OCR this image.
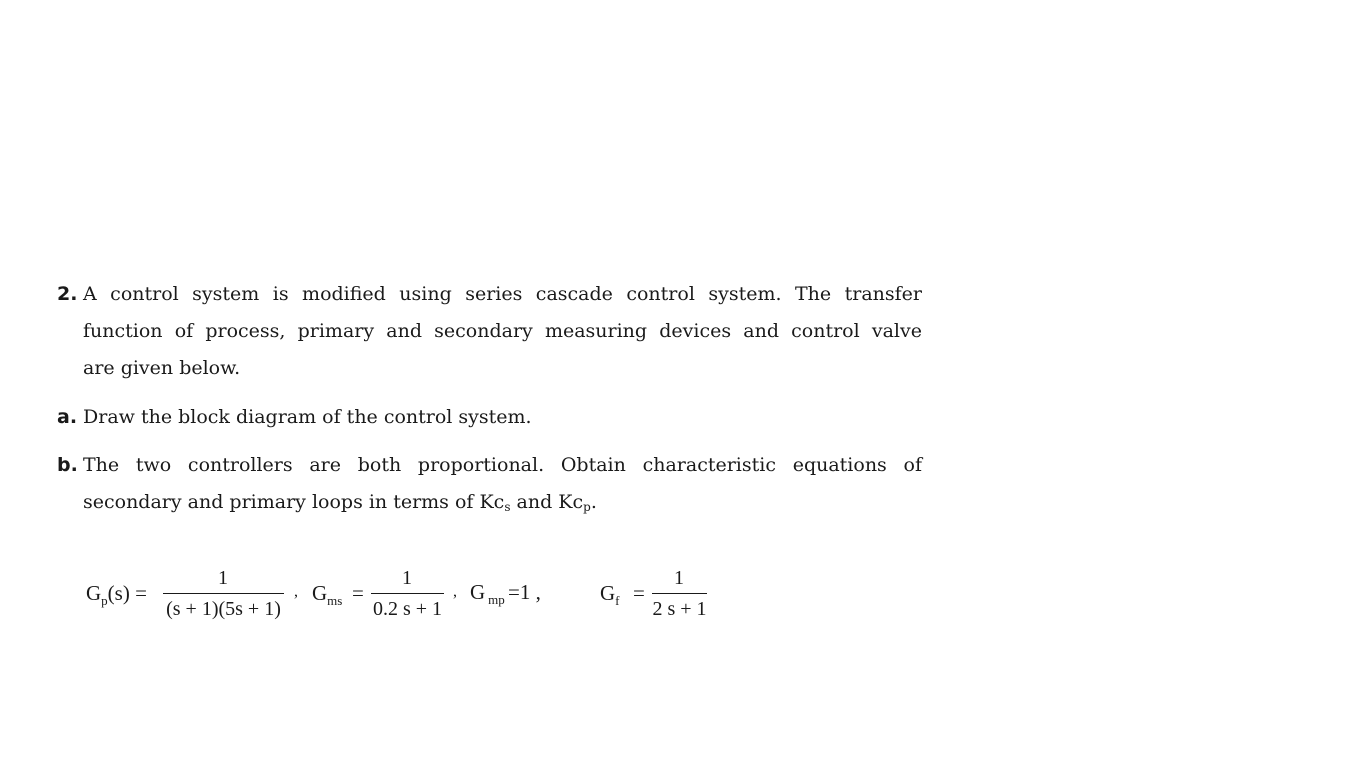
2. A control system is modified using series cascade control system. The transfer
function of process, primary and secondary measuring devices and control valve
are given below.
a. Draw the block diagram of the control system.
b. The two controllers are both proportional. Obtain characteristic equations of
secondary and primary loops in terms of $Kc_s$ and $Kc_p$.
$G_p(s)$ =
1
(s + 1)(5s + 1)
, $G_{ms}$ =
1
0.2 s + 1
, G $_{mp}$ =1 ,	$G_f$ =
1
2 s + 1
